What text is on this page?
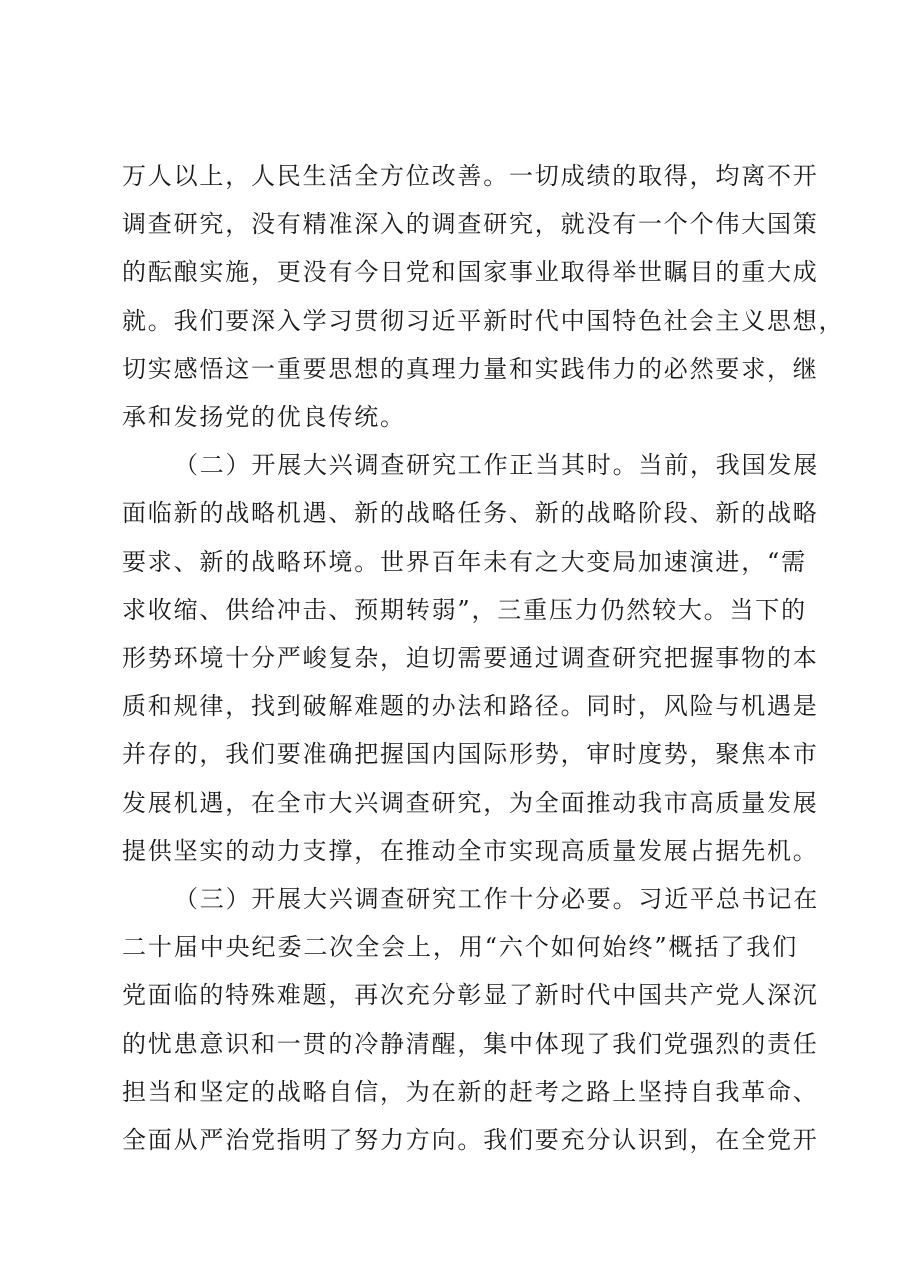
万人以上，人民生活全方位改善。一切成绩的取得，均离不开
调查研究，没有精准深入的调查研究，就没有一个个伟大国策
的酝酿实施，更没有今日党和国家事业取得举世瞩目的重大成
就。我们要深入学习贯彻习近平新时代中国特色社会主义思想，
切实感悟这一重要思想的真理力量和实践伟力的必然要求，继
承和发扬党的优良传统。
（二）开展大兴调查研究工作正当其时。当前，我国发展
面临新的战略机遇、新的战略任务、新的战略阶段、新的战略
要求、新的战略环境。世界百年未有之大变局加速演进，“需
求收缩、供给冲击、预期转弱”，三重压力仍然较大。当下的
形势环境十分严峻复杂，迫切需要通过调查研究把握事物的本
质和规律，找到破解难题的办法和路径。同时，风险与机遇是
并存的，我们要准确把握国内国际形势，审时度势，聚焦本市
发展机遇，在全市大兴调查研究，为全面推动我市高质量发展
提供坚实的动力支撑，在推动全市实现高质量发展占据先机。
（三）开展大兴调查研究工作十分必要。习近平总书记在
二十届中央纪委二次全会上，用“六个如何始终”概括了我们
党面临的特殊难题，再次充分彰显了新时代中国共产党人深沉
的忧患意识和一贯的冷静清醒，集中体现了我们党强烈的责任
担当和坚定的战略自信，为在新的赶考之路上坚持自我革命、
全面从严治党指明了努力方向。我们要充分认识到，在全党开
